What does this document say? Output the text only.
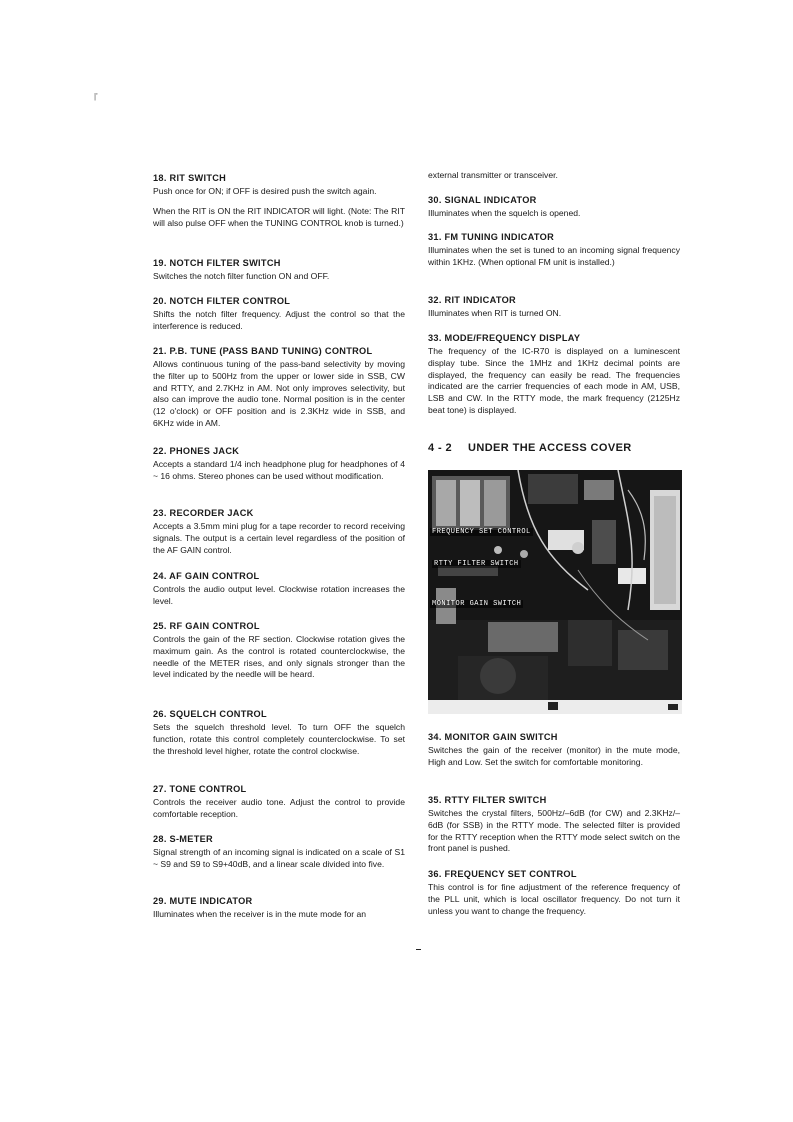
|'
18. RIT SWITCH

Push once for ON; if OFF is desired push the switch again.

When the RIT is ON the RIT INDICATOR will light. (Note: The RIT will also pulse OFF when the TUNING CONTROL knob is turned.)

19. NOTCH FILTER SWITCH

Switches the notch filter function ON and OFF.

20. NOTCH FILTER CONTROL

Shifts the notch filter frequency. Adjust the control so that the interference is reduced.

21. P.B. TUNE (PASS BAND TUNING) CONTROL

Allows continuous tuning of the pass-band selectivity by moving the filter up to 500Hz from the upper or lower side in SSB, CW and RTTY, and 2.7KHz in AM. Not only improves selectivity, but also can improve the audio tone. Normal position is in the center (12 o'clock) or OFF position and is 2.3KHz wide in SSB, and 6KHz wide in AM.

22. PHONES JACK

Accepts a standard 1/4 inch headphone plug for headphones of 4 ~ 16 ohms. Stereo phones can be used without modification.

23. RECORDER JACK

Accepts a 3.5mm mini plug for a tape recorder to record receiving signals. The output is a certain level regardless of the position of the AF GAIN control.

24. AF GAIN CONTROL

Controls the audio output level. Clockwise rotation increases the level.

25. RF GAIN CONTROL

Controls the gain of the RF section. Clockwise rotation gives the maximum gain. As the control is rotated counterclockwise, the needle of the METER rises, and only signals stronger than the level indicated by the needle will be heard.

26. SQUELCH CONTROL

Sets the squelch threshold level. To turn OFF the squelch function, rotate this control completely counterclockwise. To set the threshold level higher, rotate the control clockwise.

27. TONE CONTROL

Controls the receiver audio tone. Adjust the control to provide comfortable reception.

28. S-METER

Signal strength of an incoming signal is indicated on a scale of S1 ~ S9 and S9 to S9+40dB, and a linear scale divided into five.

29. MUTE INDICATOR

Illuminates when the receiver is in the mute mode for an

external transmitter or transceiver.
30. SIGNAL INDICATOR

Illuminates when the squelch is opened.

31. FM TUNING INDICATOR

Illuminates when the set is tuned to an incoming signal frequency within 1KHz. (When optional FM unit is installed.)

32. RIT INDICATOR

Illuminates when RIT is turned ON.

33. MODE/FREQUENCY DISPLAY

The frequency of the IC-R70 is displayed on a luminescent display tube. Since the 1MHz and 1KHz decimal points are displayed, the frequency can easily be read. The frequencies indicated are the carrier frequencies of each mode in AM, USB, LSB and CW. In the RTTY mode, the mark frequency (2125Hz beat tone) is displayed.

4 - 2 UNDER THE ACCESS COVER
34. MONITOR GAIN SWITCH

Switches the gain of the receiver (monitor) in the mute mode, High and Low. Set the switch for comfortable monitoring.

35. RTTY FILTER SWITCH

Switches the crystal filters, 500Hz/–6dB (for CW) and 2.3KHz/–6dB (for SSB) in the RTTY mode. The selected filter is provided for the RTTY reception when the RTTY mode select switch on the front panel is pushed.

36. FREQUENCY SET CONTROL

This control is for fine adjustment of the reference frequency of the PLL unit, which is local oscillator frequency. Do not turn it unless you want to change the frequency.

FREQUENCY SET CONTROL
RTTY FILTER SWITCH
MONITOR GAIN SWITCH
